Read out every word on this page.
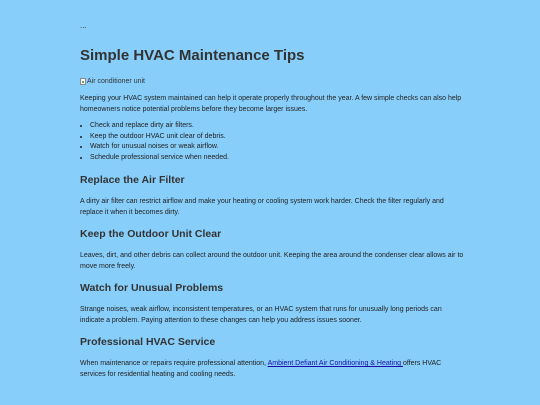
...
Simple HVAC Maintenance Tips
Air conditioner unit

Keeping your HVAC system maintained can help it operate properly throughout the year. A few simple checks can also help homeowners notice potential problems before they become larger issues.

• Check and replace dirty air filters.
• Keep the outdoor HVAC unit clear of debris.
• Watch for unusual noises or weak airflow.
• Schedule professional service when needed.
Replace the Air Filter

A dirty air filter can restrict airflow and make your heating or cooling system work harder. Check the filter regularly and replace it when it becomes dirty.

Keep the Outdoor Unit Clear

Leaves, dirt, and other debris can collect around the outdoor unit. Keeping the area around the condenser clear allows air to move more freely.

Watch for Unusual Problems

Strange noises, weak airflow, inconsistent temperatures, or an HVAC system that runs for unusually long periods can indicate a problem. Paying attention to these changes can help you address issues sooner.

Professional HVAC Service

When maintenance or repairs require professional attention, Ambient Defiant Air Conditioning & Heating offers HVAC services for residential heating and cooling needs.
